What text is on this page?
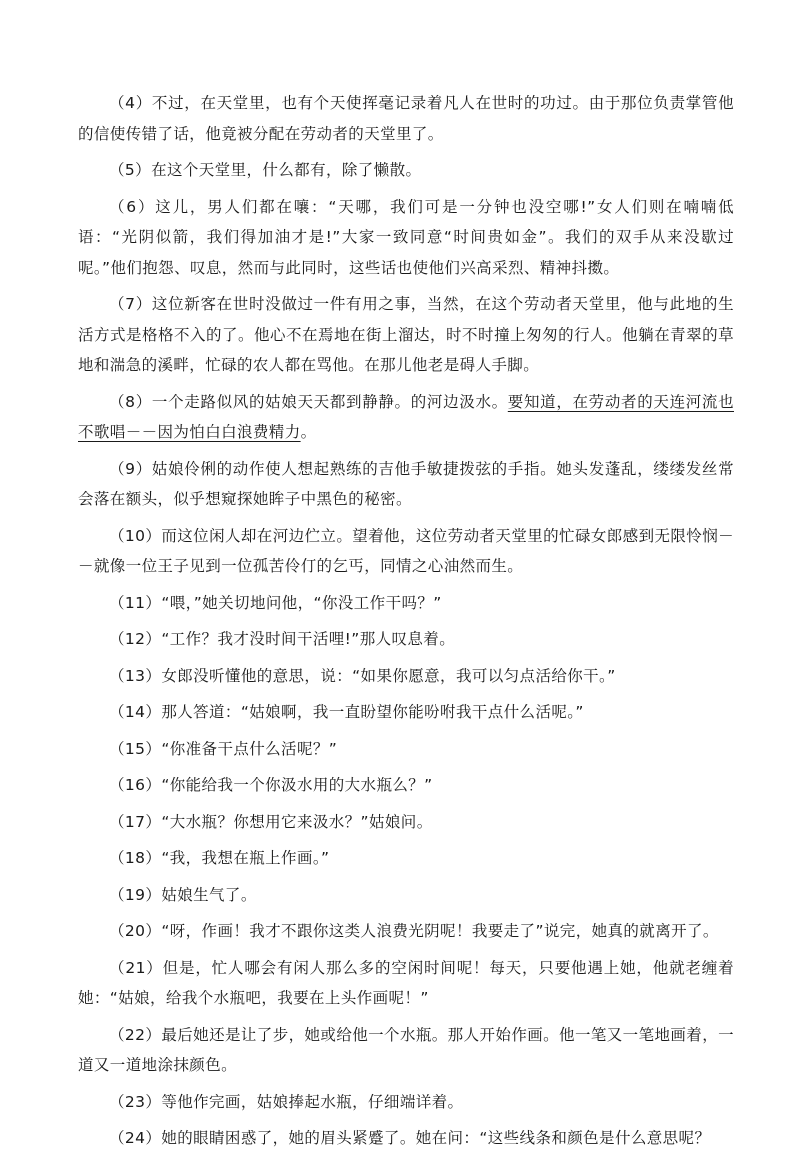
（4）不过，在天堂里，也有个天使挥毫记录着凡人在世时的功过。由于那位负责掌管他的信使传错了话，他竟被分配在劳动者的天堂里了。

（5）在这个天堂里，什么都有，除了懒散。

（6）这儿，男人们都在嚷：“天哪，我们可是一分钟也没空哪!”女人们则在喃喃低语：“光阴似箭，我们得加油才是!”大家一致同意“时间贵如金”。我们的双手从来没歇过呢。”他们抱怨、叹息，然而与此同时，这些话也使他们兴高采烈、精神抖擞。

（7）这位新客在世时没做过一件有用之事，当然，在这个劳动者天堂里，他与此地的生活方式是格格不入的了。他心不在焉地在街上溜达，时不时撞上匆匆的行人。他躺在青翠的草地和湍急的溪畔，忙碌的农人都在骂他。在那儿他老是碍人手脚。

（8）一个走路似风的姑娘天天都到静静。的河边汲水。要知道，在劳动者的天连河流也不歌唱－－因为怕白白浪费精力。

（9）姑娘伶俐的动作使人想起熟练的吉他手敏捷拨弦的手指。她头发蓬乱，缕缕发丝常会落在额头，似乎想窥探她眸子中黑色的秘密。

（10）而这位闲人却在河边伫立。望着他，这位劳动者天堂里的忙碌女郎感到无限怜悯－－就像一位王子见到一位孤苦伶仃的乞丐，同情之心油然而生。

（11）“喂，”她关切地问他，“你没工作干吗？”

（12）“工作？我才没时间干活哩!”那人叹息着。

（13）女郎没听懂他的意思，说：“如果你愿意，我可以匀点活给你干。”

（14）那人答道：“姑娘啊，我一直盼望你能吩咐我干点什么活呢。”

（15）“你准备干点什么活呢？”

（16）“你能给我一个你汲水用的大水瓶么？”

（17）“大水瓶？你想用它来汲水？”姑娘问。

（18）“我，我想在瓶上作画。”

（19）姑娘生气了。

（20）“呀，作画！我才不跟你这类人浪费光阴呢！我要走了”说完，她真的就离开了。

（21）但是，忙人哪会有闲人那么多的空闲时间呢！每天，只要他遇上她，他就老缠着她：“姑娘，给我个水瓶吧，我要在上头作画呢！”

（22）最后她还是让了步，她或给他一个水瓶。那人开始作画。他一笔又一笔地画着，一道又一道地涂抹颜色。

（23）等他作完画，姑娘捧起水瓶，仔细端详着。

（24）她的眼睛困惑了，她的眉头紧蹙了。她在问：“这些线条和颜色是什么意思呢？
